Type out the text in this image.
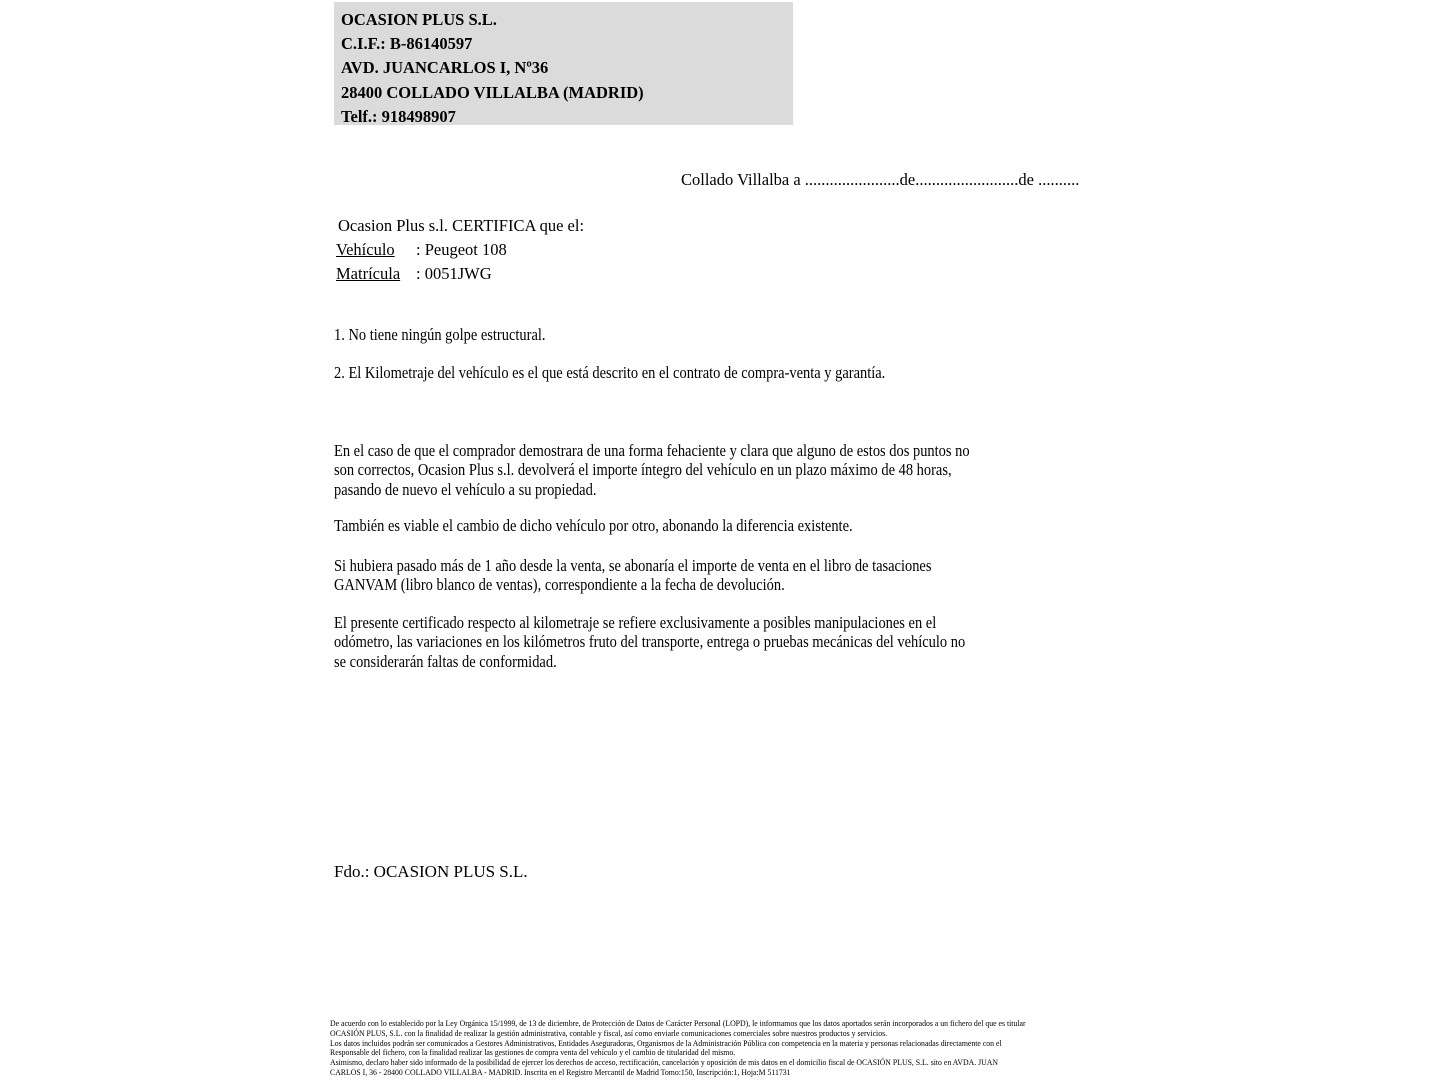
OCASION PLUS S.L.
C.I.F.: B-86140597
AVD. JUANCARLOS I, Nº36
28400 COLLADO VILLALBA (MADRID)
Telf.: 918498907
Collado Villalba a .......................de.........................de ..........
Ocasion Plus s.l. CERTIFICA que el:
Vehículo : Peugeot 108
Matrícula : 0051JWG
1. No tiene ningún golpe estructural.
2. El Kilometraje del vehículo es el que está descrito en el contrato de compra-venta y garantía.
En el caso de que el comprador demostrara de una forma fehaciente y clara que alguno de estos dos puntos no
son correctos, Ocasion Plus s.l. devolverá el importe íntegro del vehículo en un plazo máximo de 48 horas,
pasando de nuevo el vehículo a su propiedad.
También es viable el cambio de dicho vehículo por otro, abonando la diferencia existente.
Si hubiera pasado más de 1 año desde la venta, se abonaría el importe de venta en el libro de tasaciones
GANVAM (libro blanco de ventas), correspondiente a la fecha de devolución.
El presente certificado respecto al kilometraje se refiere exclusivamente a posibles manipulaciones en el
odómetro, las variaciones en los kilómetros fruto del transporte, entrega o pruebas mecánicas del vehículo no
se considerarán faltas de conformidad.
Fdo.: OCASION PLUS S.L.
De acuerdo con lo establecido por la Ley Orgánica 15/1999, de 13 de diciembre, de Protección de Datos de Carácter Personal (LOPD), le informamos que los datos aportados serán incorporados a un fichero del que es titular
OCASIÓN PLUS, S.L. con la finalidad de realizar la gestión administrativa, contable y fiscal, así como enviarle comunicaciones comerciales sobre nuestros productos y servicios.
Los datos incluidos podrán ser comunicados a Gestores Administrativos, Entidades Aseguradoras, Organismos de la Administración Pública con competencia en la materia y personas relacionadas directamente con el
Responsable del fichero, con la finalidad realizar las gestiones de compra venta del vehículo y el cambio de titularidad del mismo.
Asimismo, declaro haber sido informado de la posibilidad de ejercer los derechos de acceso, rectificación, cancelación y oposición de mis datos en el domicilio fiscal de OCASIÓN PLUS, S.L. sito en AVDA. JUAN
CARLOS I, 36 - 28400 COLLADO VILLALBA - MADRID. Inscrita en el Registro Mercantil de Madrid Tomo:150, Inscripción:1, Hoja:M 511731
